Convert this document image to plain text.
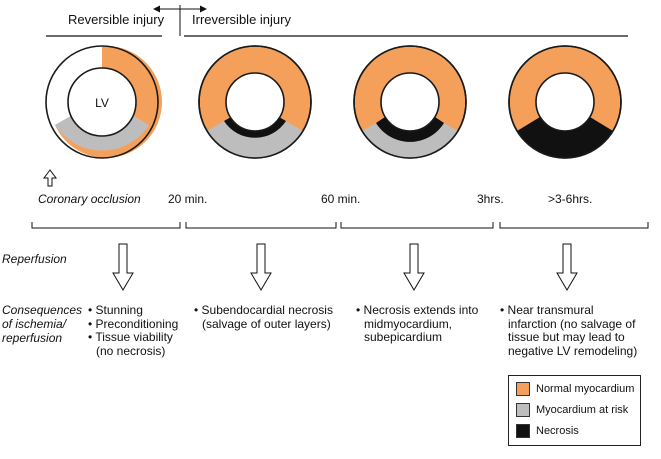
Reversible injury Irreversible injury
LV
Coronary occlusion 20 min.	60 min.	3hrs.	>3-6hrs.
Reperfusion
Consequences
of ischemia/
reperfusion
• Stunning
• Preconditioning
• Tissue viability
(no necrosis)
• Subendocardial necrosis
(salvage of outer layers)
• Necrosis extends into
midmyocardium,
subepicardium
• Near transmural
infarction (no salvage of
tissue but may lead to
negative LV remodeling)
Normal myocardium
Myocardium at risk
Necrosis
